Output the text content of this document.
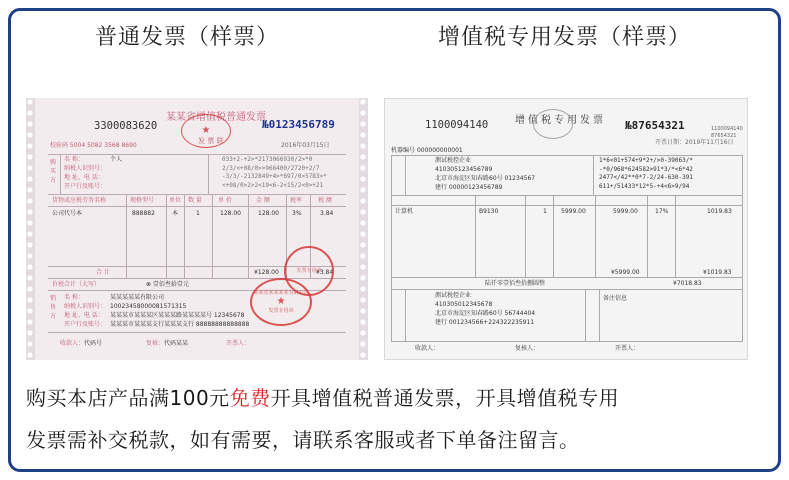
普通发票（样票）	增值税专用发票（样票）
3300083620
某某省增值税普通发票
发 票 联
№0123456789
2016年03月15日
校验码 5004 5082 3568 8690
★
购 买 方
名 称：	个人
纳税人识别号：
地 址、电 话：
开户行及账号：
033+2-+2>*2173066930/2>*0
2/3/<+08/0>>966400/2720+2/7
-3/3/-2132849+4>*697/0>5783>*
<+08/0>2>2<19<6-2<15/2<0>+21
货物或应税劳务名称	规格型号 单位 数 量	单 价	金 额	税率	税 额
公司代号本	888882	本	1	128.00	128.00 3%	3.84
合 计	¥128.00	¥3.84
价税合计（大写）	⊗ 壹佰叁拾壹元
销 售 方
名 称：	某某某某某有限公司
纳税人识别号： 10023458000081571315
地 址、电 话： 某某某市某某某区某某某路某某某某号 12345678
开户行及账号： 某某某市某某某支行某某某支行 88888888888888
收款人：代码号	复核：代码某某	开票人：
某某省某某某某有限公司
★
发票专用章
发票专用章
1100094140	增值税专用发票 №87654321	1100094140
87654321
开票日期：2019年11月16日
机器编号 000000000001
测试税控企业
410305123456789
北京市海淀区知春路60号 01234567
建行 00000123456789
1*6<01+574+9*2+/>0-39063/*
-*0/968*624582>91*3/*<6*42
2477</42**0*7-2/24-630-391
611+/51433*12*5-+4<6>9/94
计算机	B9130	1 5999.00	5999.00	17%	1019.83
¥5999.00	¥1019.83
陆仟零壹佰叁拾捌圆整	¥7018.83
测试税控企业
410305012345678
北京市海淀区知春路60号 56744404
建行 001234566+224322235911
备注信息
收款人：	复核人：	开票人：
购买本店产品满100元免费开具增值税普通发票，开具增值税专用
发票需补交税款，如有需要，请联系客服或者下单备注留言。
